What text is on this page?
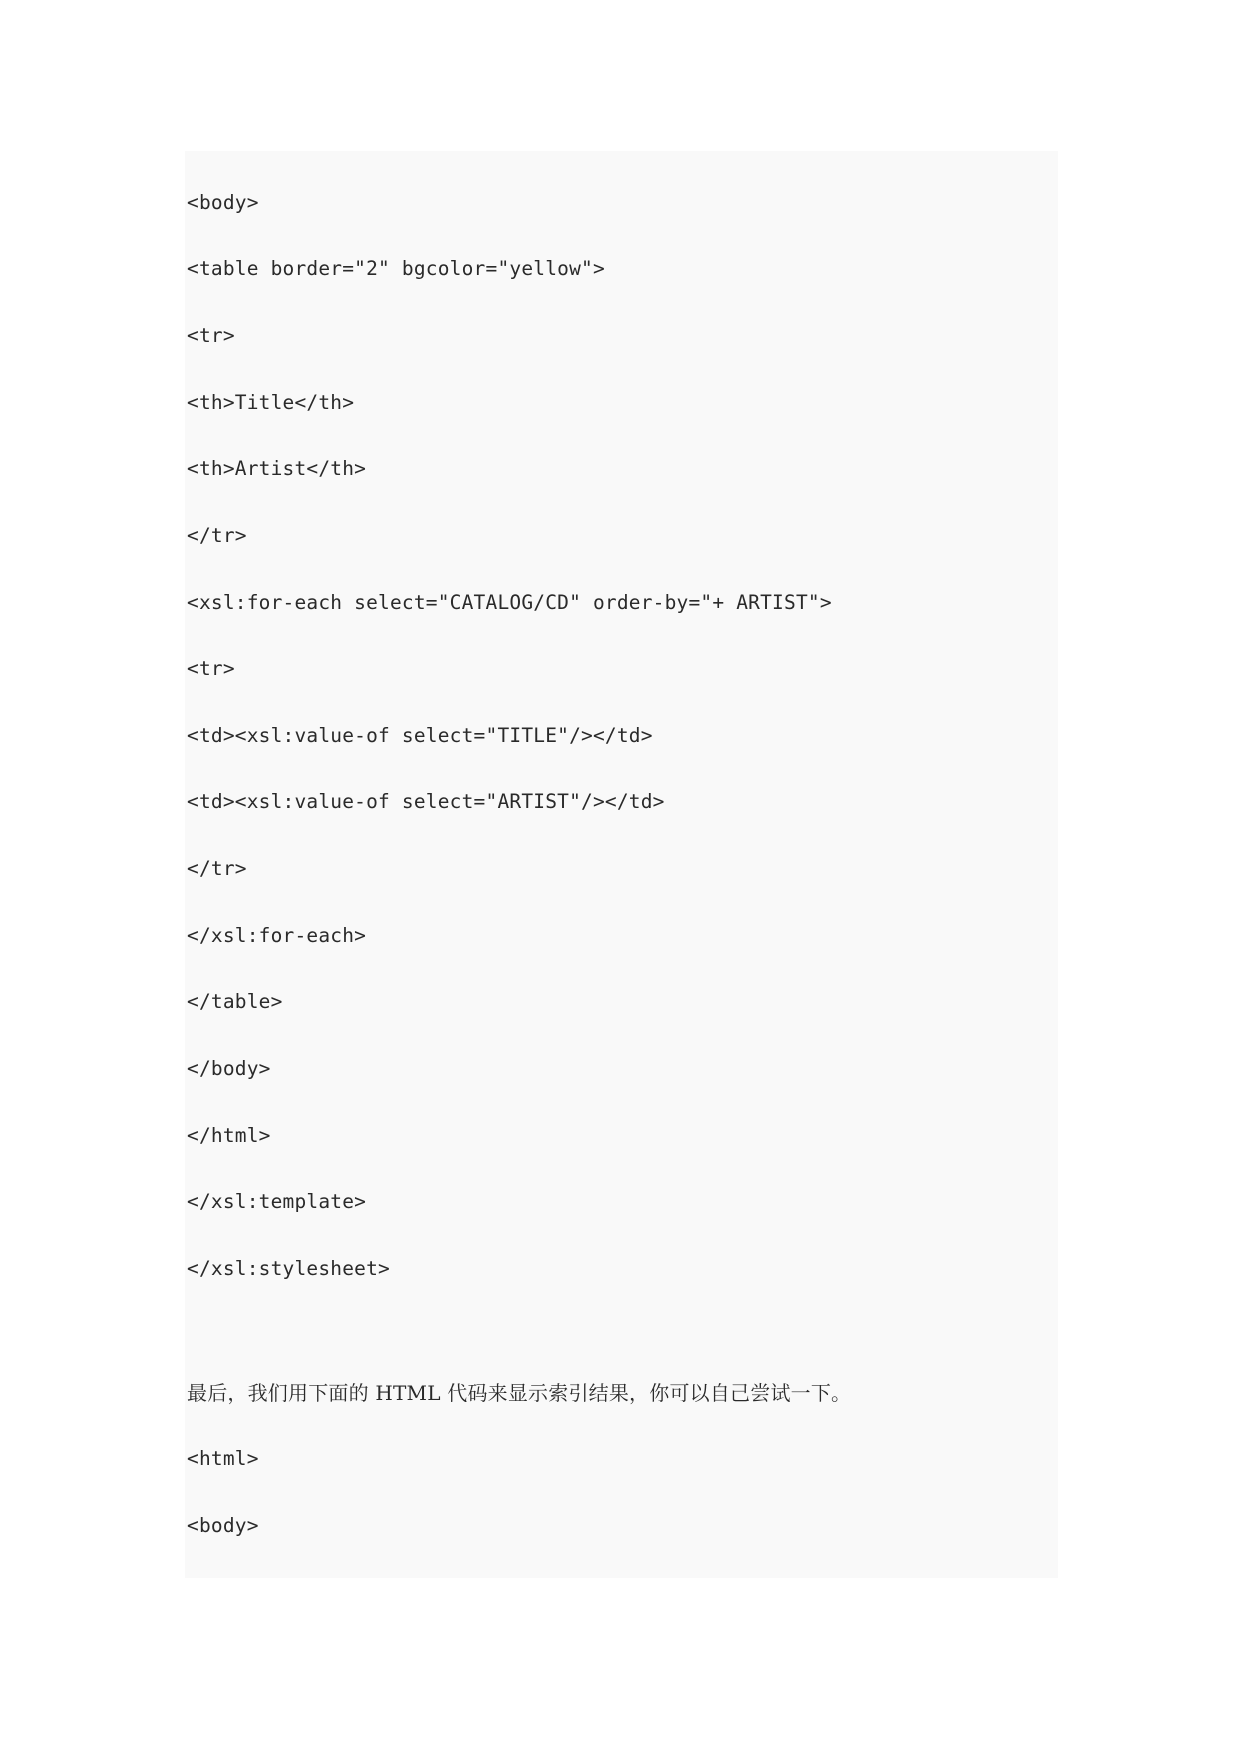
<body>
<table border="2" bgcolor="yellow">
<tr>
<th>Title</th>
<th>Artist</th>
</tr>
<xsl:for-each select="CATALOG/CD" order-by="+ ARTIST">
<tr>
<td><xsl:value-of select="TITLE"/></td>
<td><xsl:value-of select="ARTIST"/></td>
</tr>
</xsl:for-each>
</table>
</body>
</html>
</xsl:template>
</xsl:stylesheet>
最后，我们用下面的 HTML 代码来显示索引结果，你可以自己尝试一下。
<html>
<body>
